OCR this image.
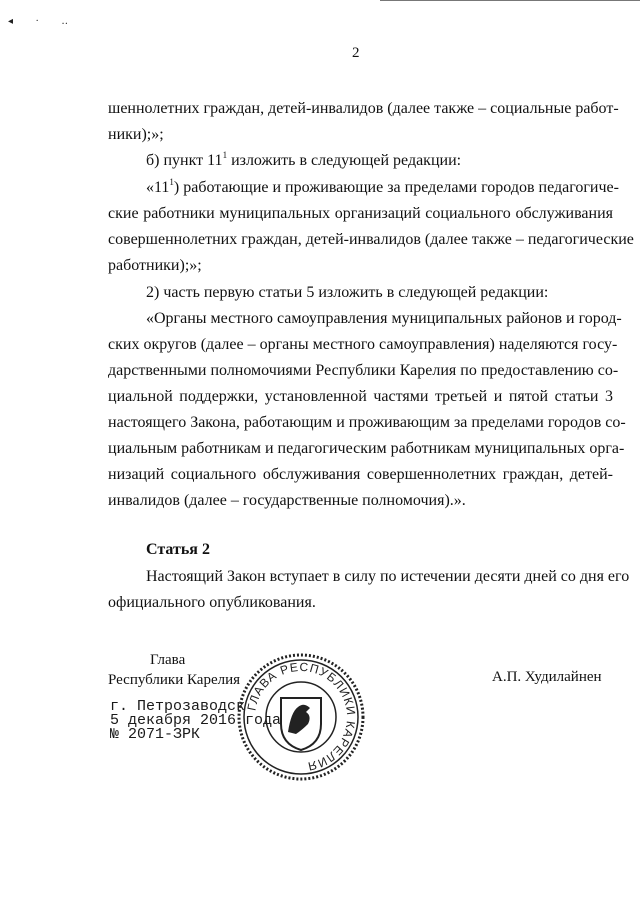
◂ · ‥
2
шеннолетних граждан, детей-инвалидов (далее также – социальные работ-
ники);»;
б) пункт $11^1$ изложить в следующей редакции:
«$11^1$) работающие и проживающие за пределами городов педагогиче-
ские работники муниципальных организаций социального обслуживания
совершеннолетних граждан, детей-инвалидов (далее также – педагогические
работники);»;
2) часть первую статьи 5 изложить в следующей редакции:
«Органы местного самоуправления муниципальных районов и город-
ских округов (далее – органы местного самоуправления) наделяются госу-
дарственными полномочиями Республики Карелия по предоставлению со-
циальной поддержки, установленной частями третьей и пятой статьи 3
настоящего Закона, работающим и проживающим за пределами городов со-
циальным работникам и педагогическим работникам муниципальных орга-
низаций социального обслуживания совершеннолетних граждан, детей-
инвалидов (далее – государственные полномочия).».
Статья 2
Настоящий Закон вступает в силу по истечении десяти дней со дня его
официального опубликования.
Глава
Республики Карелия	А.П. Худилайнен
г. Петрозаводск
5 декабря 2016 года
№ 2071-ЗРК
ГЛАВА РЕСПУБЛИКИ КАРЕЛИЯ
